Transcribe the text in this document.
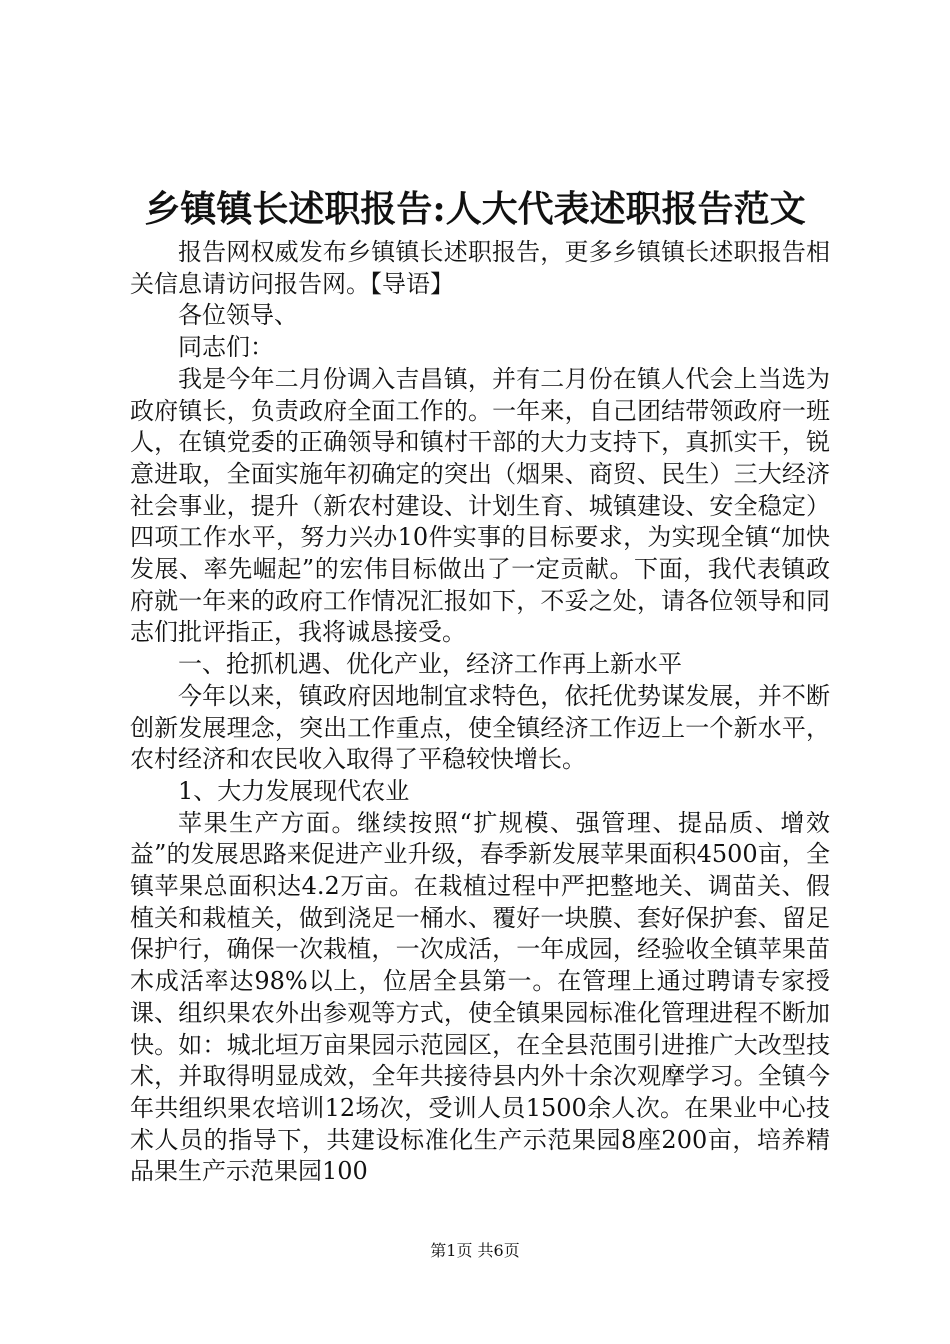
乡镇镇长述职报告:人大代表述职报告范文

报告网权威发布乡镇镇长述职报告，更多乡镇镇长述职报告相关信息请访问报告网。【导语】

各位领导、

同志们：

我是今年二月份调入吉昌镇，并有二月份在镇人代会上当选为政府镇长，负责政府全面工作的。一年来，自己团结带领政府一班人，在镇党委的正确领导和镇村干部的大力支持下，真抓实干，锐意进取，全面实施年初确定的突出（烟果、商贸、民生）三大经济社会事业，提升（新农村建设、计划生育、城镇建设、安全稳定）四项工作水平，努力兴办10件实事的目标要求，为实现全镇“加快发展、率先崛起”的宏伟目标做出了一定贡献。下面，我代表镇政府就一年来的政府工作情况汇报如下，不妥之处，请各位领导和同志们批评指正，我将诚恳接受。

一、抢抓机遇、优化产业，经济工作再上新水平

今年以来，镇政府因地制宜求特色，依托优势谋发展，并不断创新发展理念，突出工作重点，使全镇经济工作迈上一个新水平，农村经济和农民收入取得了平稳较快增长。

1、大力发展现代农业

苹果生产方面。继续按照“扩规模、强管理、提品质、增效益”的发展思路来促进产业升级，春季新发展苹果面积4500亩，全镇苹果总面积达4.2万亩。在栽植过程中严把整地关、调苗关、假植关和栽植关，做到浇足一桶水、覆好一块膜、套好保护套、留足保护行，确保一次栽植，一次成活，一年成园，经验收全镇苹果苗木成活率达98%以上，位居全县第一。在管理上通过聘请专家授课、组织果农外出参观等方式，使全镇果园标准化管理进程不断加快。如：城北垣万亩果园示范园区，在全县范围引进推广大改型技术，并取得明显成效，全年共接待县内外十余次观摩学习。全镇今年共组织果农培训12场次，受训人员1500余人次。在果业中心技术人员的指导下，共建设标准化生产示范果园8座200亩，培养精品果生产示范果园100

第1页 共6页
